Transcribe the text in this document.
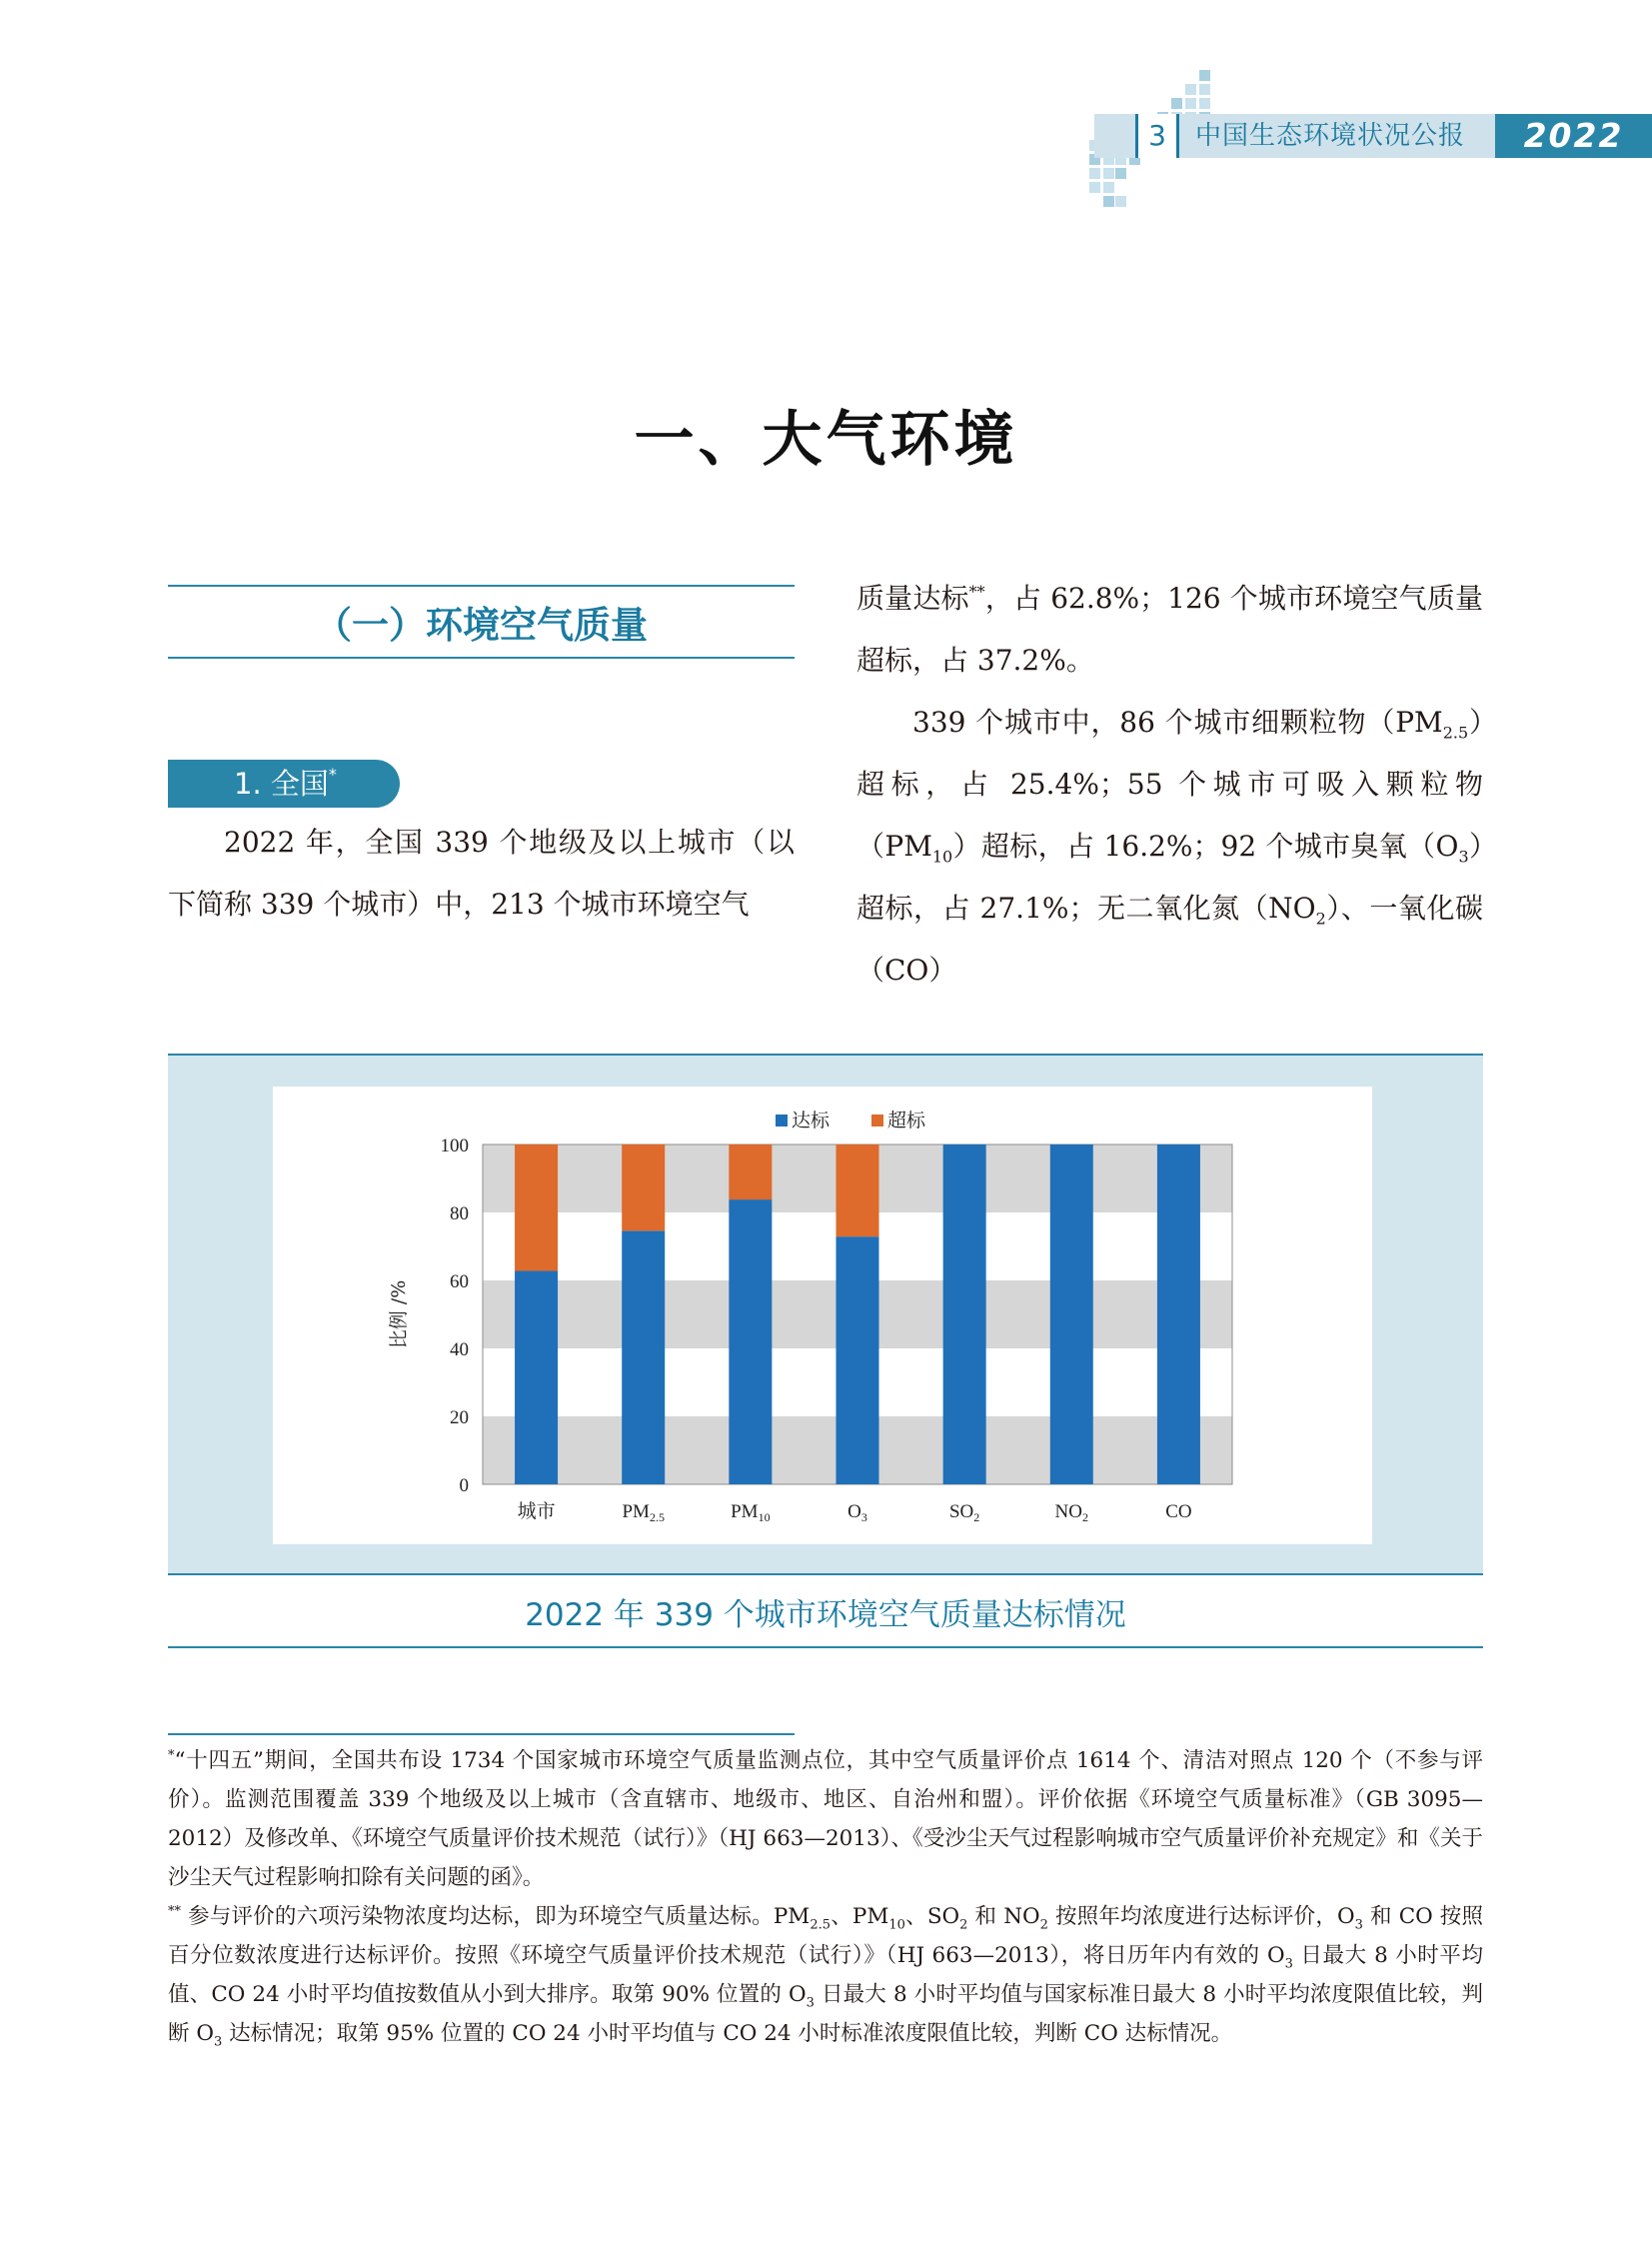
3	中国生态环境状况公报	2022
一、大气环境
（一）环境空气质量
1. 全国*
2022 年，全国 339 个地级及以上城市（以下简称 339 个城市）中，213 个城市环境空气
质量达标**，占 62.8%；126 个城市环境空气质量超标，占 37.2%。
339 个城市中，86 个城市细颗粒物$(PM_{2.5})$超标，占 25.4%；55 个城市可吸入颗粒物$(PM_{10})$超标，占 16.2%；92 个城市臭氧$(O_3)$超标，占 27.1%；无二氧化氮$(NO_2)$、一氧化碳（CO）
0
20
40
60
80
100
比例 /%
城市	$PM_{2.5}$	$PM_{10}$	$O_3$	$SO_2$	$NO_2$	CO
达标	超标
2022 年 339 个城市环境空气质量达标情况
*“十四五”期间，全国共布设 1734 个国家城市环境空气质量监测点位，其中空气质量评价点 1614 个、清洁对照点 120 个（不参与评价）。监测范围覆盖 339 个地级及以上城市（含直辖市、地级市、地区、自治州和盟）。评价依据《环境空气质量标准》（GB 3095—2012）及修改单、《环境空气质量评价技术规范（试行）》（HJ 663—2013）、《受沙尘天气过程影响城市空气质量评价补充规定》和《关于沙尘天气过程影响扣除有关问题的函》。
** 参与评价的六项污染物浓度均达标，即为环境空气质量达标。$PM_{2.5}$、$PM_{10}$、$SO_2$ 和 $NO_2$ 按照年均浓度进行达标评价，$O_3$ 和 CO 按照百分位数浓度进行达标评价。按照《环境空气质量评价技术规范（试行）》（HJ 663—2013），将日历年内有效的 $O_3$ 日最大 8 小时平均值、CO 24 小时平均值按数值从小到大排序。取第 90% 位置的 $O_3$ 日最大 8 小时平均值与国家标准日最大 8 小时平均浓度限值比较，判断 $O_3$ 达标情况；取第 95% 位置的 CO 24 小时平均值与 CO 24 小时标准浓度限值比较，判断 CO 达标情况。
